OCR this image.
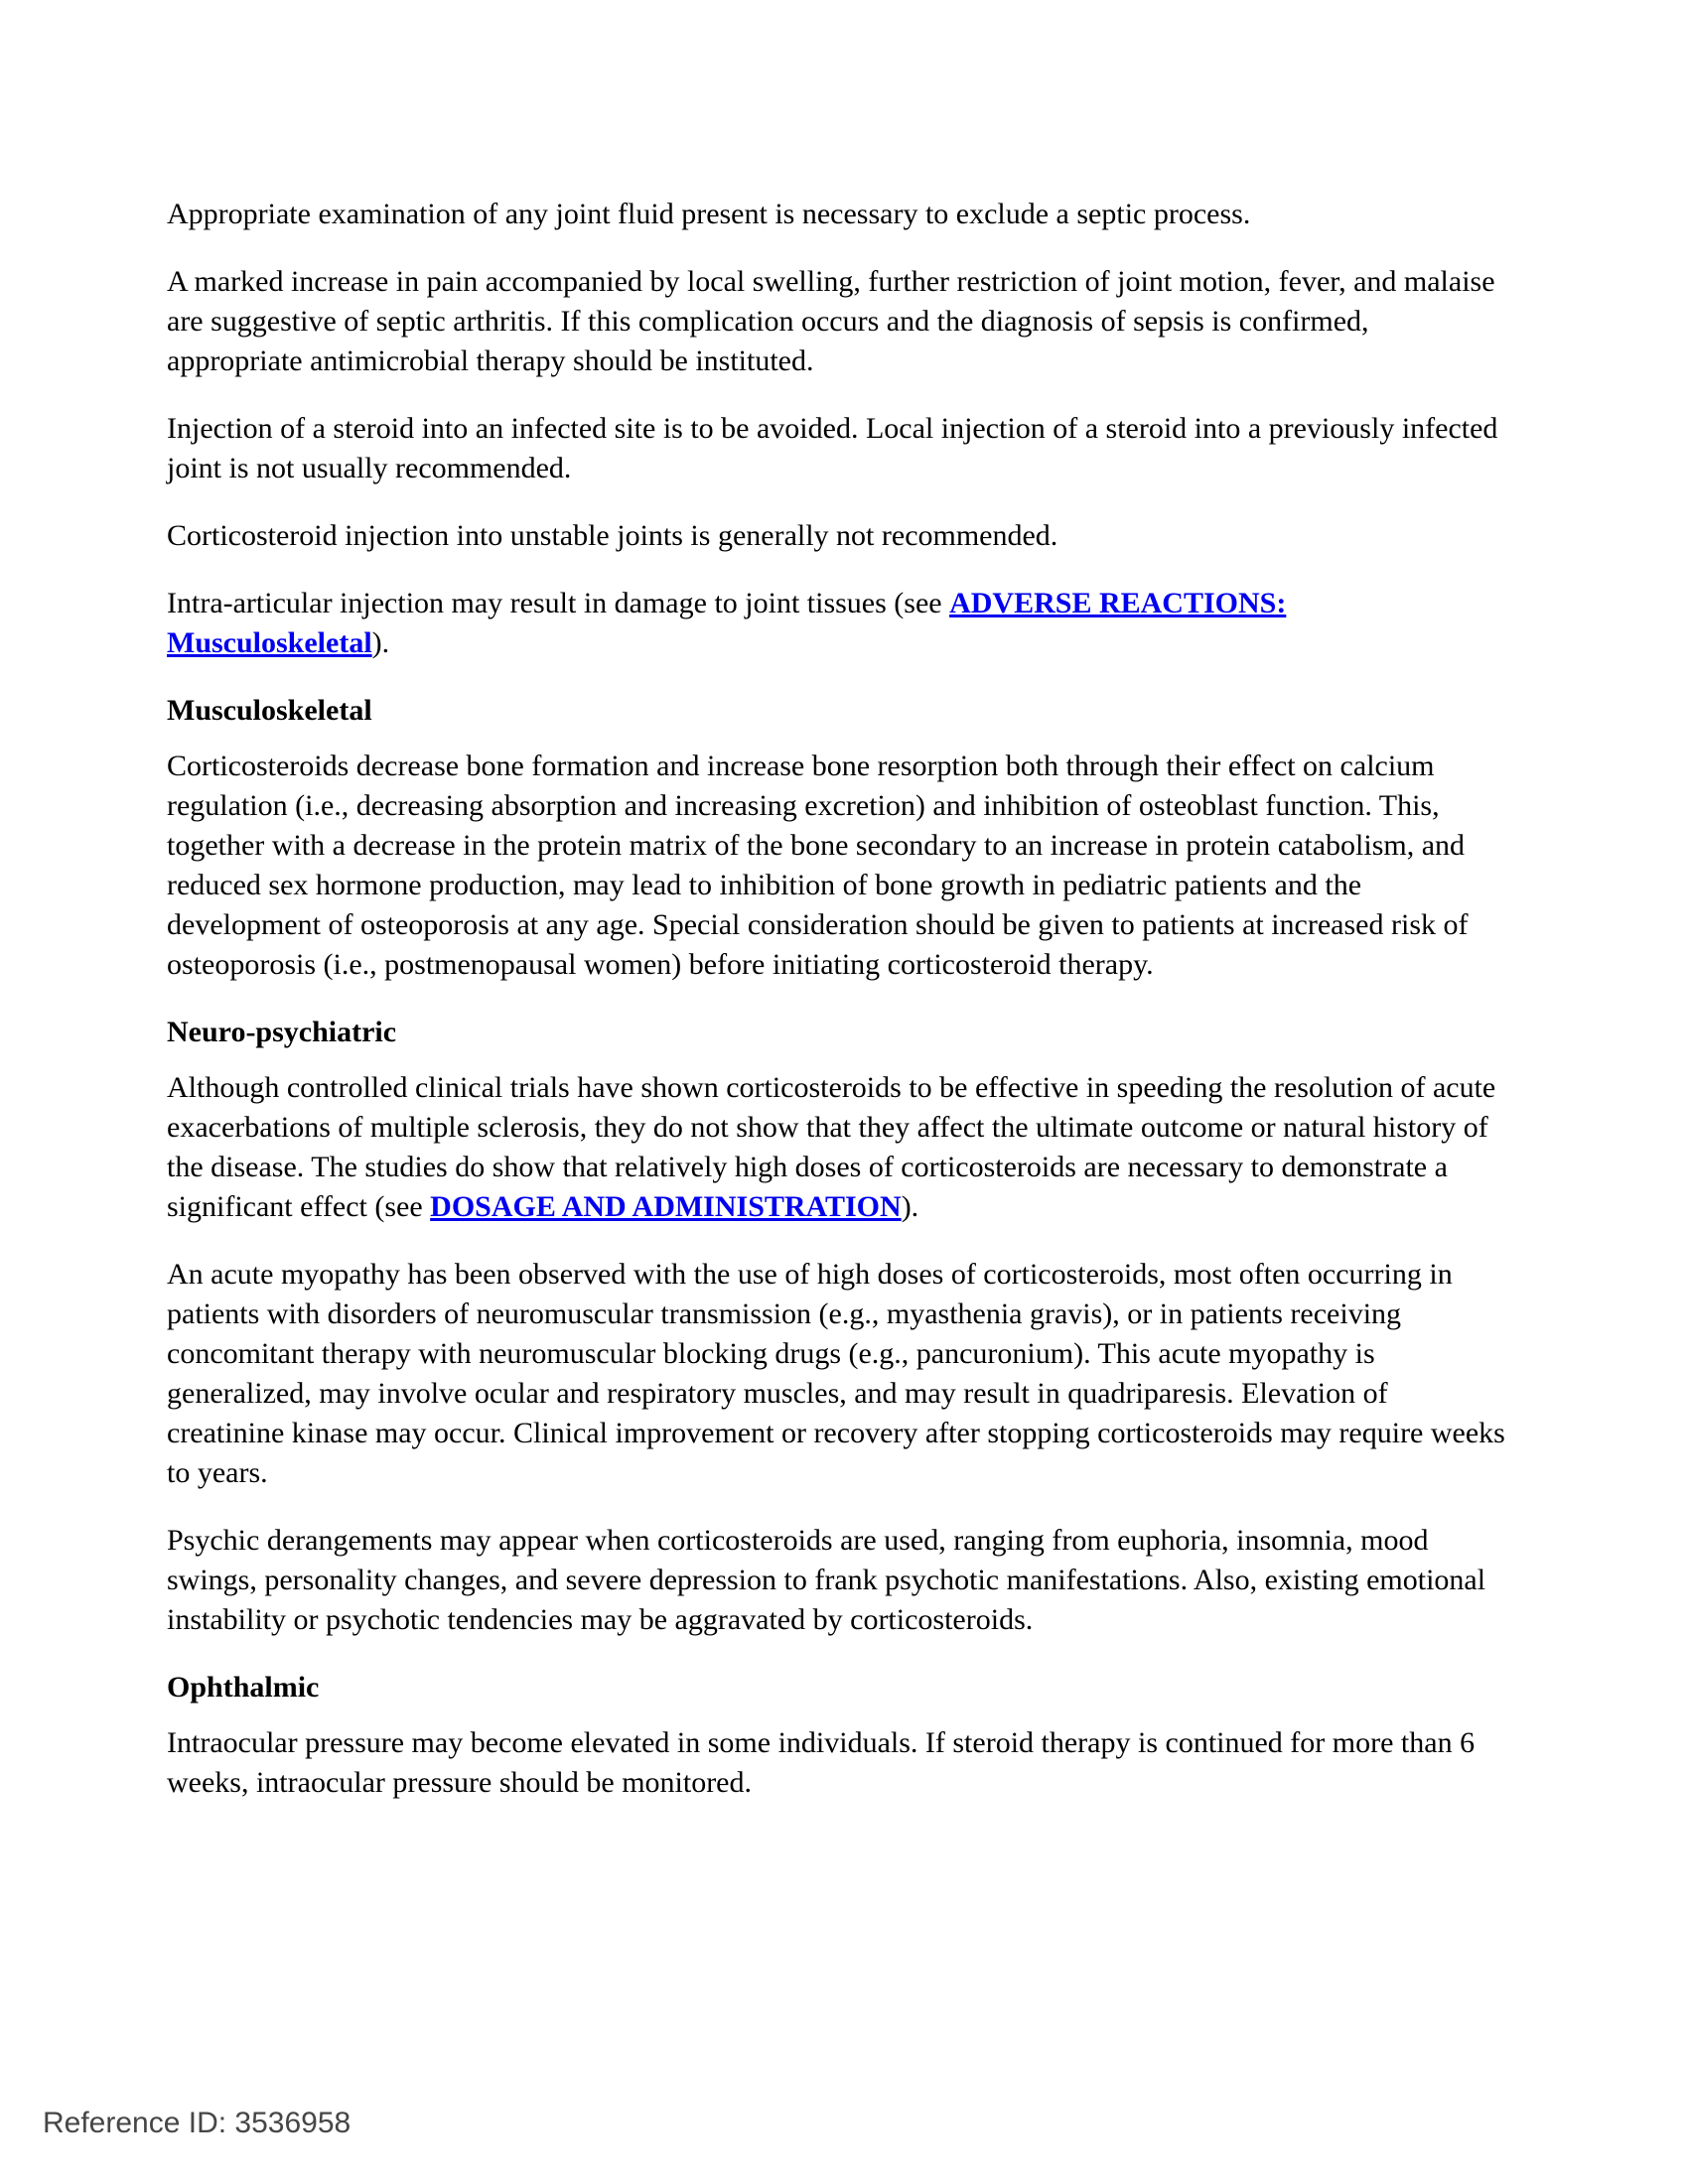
Appropriate examination of any joint fluid present is necessary to exclude a septic process.

A marked increase in pain accompanied by local swelling, further restriction of joint motion, fever, and malaise are suggestive of septic arthritis. If this complication occurs and the diagnosis of sepsis is confirmed, appropriate antimicrobial therapy should be instituted.

Injection of a steroid into an infected site is to be avoided. Local injection of a steroid into a previously infected joint is not usually recommended.

Corticosteroid injection into unstable joints is generally not recommended.

Intra-articular injection may result in damage to joint tissues (see ADVERSE REACTIONS: Musculoskeletal).

Musculoskeletal

Corticosteroids decrease bone formation and increase bone resorption both through their effect on calcium regulation (i.e., decreasing absorption and increasing excretion) and inhibition of osteoblast function. This, together with a decrease in the protein matrix of the bone secondary to an increase in protein catabolism, and reduced sex hormone production, may lead to inhibition of bone growth in pediatric patients and the development of osteoporosis at any age. Special consideration should be given to patients at increased risk of osteoporosis (i.e., postmenopausal women) before initiating corticosteroid therapy.

Neuro-psychiatric

Although controlled clinical trials have shown corticosteroids to be effective in speeding the resolution of acute exacerbations of multiple sclerosis, they do not show that they affect the ultimate outcome or natural history of the disease. The studies do show that relatively high doses of corticosteroids are necessary to demonstrate a significant effect (see DOSAGE AND ADMINISTRATION).

An acute myopathy has been observed with the use of high doses of corticosteroids, most often occurring in patients with disorders of neuromuscular transmission (e.g., myasthenia gravis), or in patients receiving concomitant therapy with neuromuscular blocking drugs (e.g., pancuronium). This acute myopathy is generalized, may involve ocular and respiratory muscles, and may result in quadriparesis. Elevation of creatinine kinase may occur. Clinical improvement or recovery after stopping corticosteroids may require weeks to years.

Psychic derangements may appear when corticosteroids are used, ranging from euphoria, insomnia, mood swings, personality changes, and severe depression to frank psychotic manifestations. Also, existing emotional instability or psychotic tendencies may be aggravated by corticosteroids.

Ophthalmic

Intraocular pressure may become elevated in some individuals. If steroid therapy is continued for more than 6 weeks, intraocular pressure should be monitored.

Reference ID: 3536958
